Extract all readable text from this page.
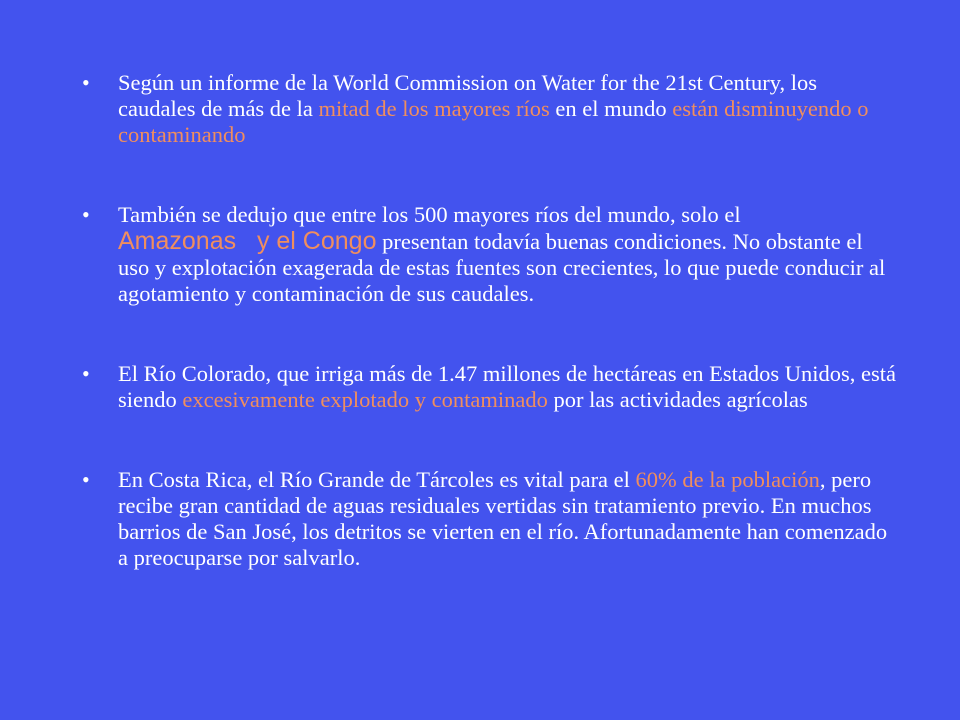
• Según un informe de la World Commission on Water for the 21st Century, los caudales de más de la mitad de los mayores ríos en el mundo están disminuyendo o contaminando
• También se dedujo que entre los 500 mayores ríos del mundo, solo el Amazonas   y el Congo presentan todavía buenas condiciones. No obstante el uso y explotación exagerada de estas fuentes son crecientes, lo que puede conducir al agotamiento y contaminación de sus caudales.
• El Río Colorado, que irriga más de 1.47 millones de hectáreas en Estados Unidos, está siendo excesivamente explotado y contaminado por las actividades agrícolas
• En Costa Rica, el Río Grande de Tárcoles es vital para el 60% de la población, pero recibe gran cantidad de aguas residuales vertidas sin tratamiento previo. En muchos barrios de San José, los detritos se vierten en el río. Afortunadamente han comenzado a preocuparse por salvarlo.
